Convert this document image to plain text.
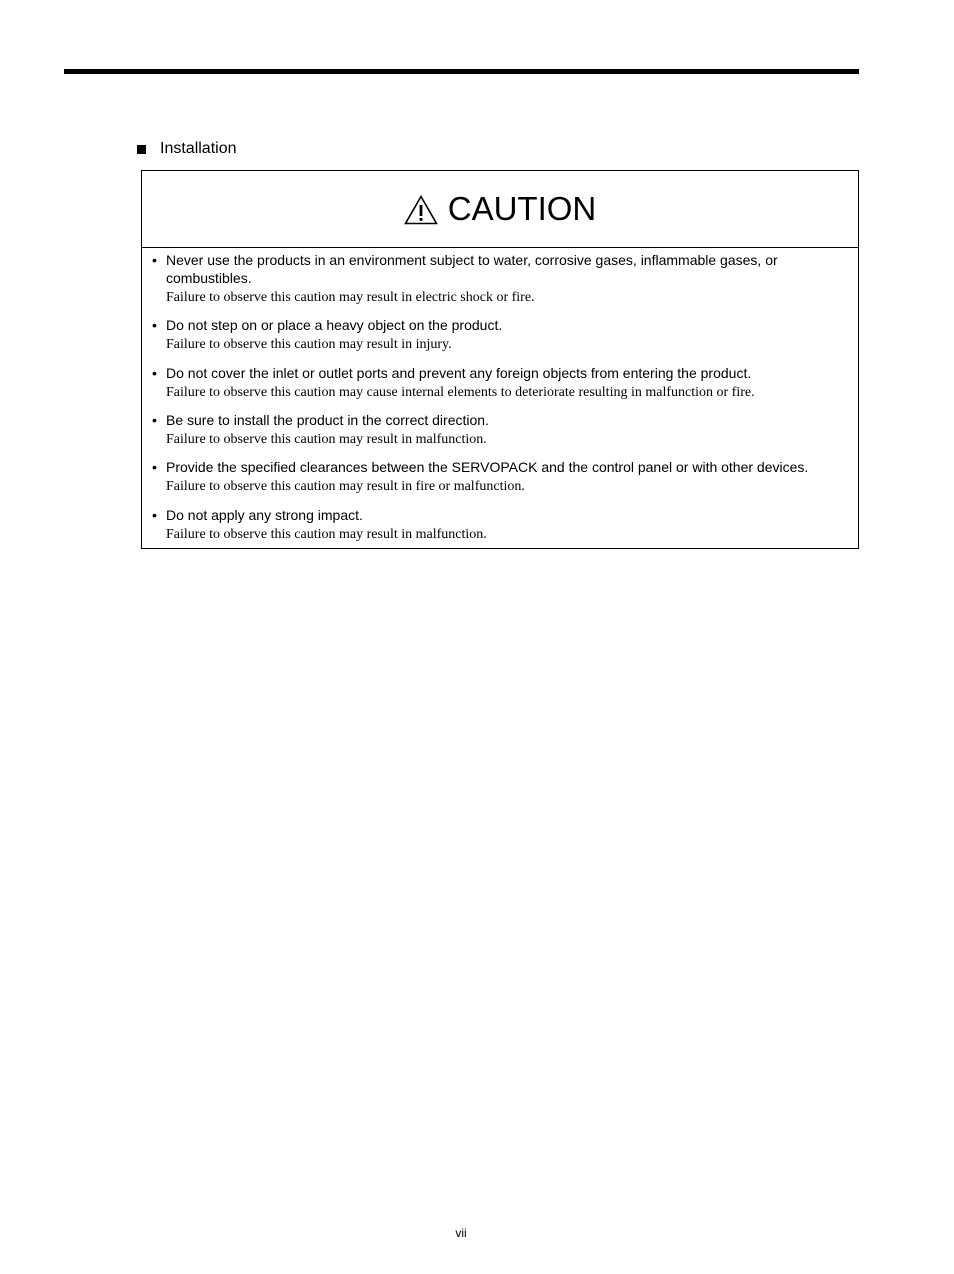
Installation
CAUTION
• Never use the products in an environment subject to water, corrosive gases, inflammable gases, or combustibles.
Failure to observe this caution may result in electric shock or fire.
• Do not step on or place a heavy object on the product.
Failure to observe this caution may result in injury.
• Do not cover the inlet or outlet ports and prevent any foreign objects from entering the product.
Failure to observe this caution may cause internal elements to deteriorate resulting in malfunction or fire.
• Be sure to install the product in the correct direction.
Failure to observe this caution may result in malfunction.
• Provide the specified clearances between the SERVOPACK and the control panel or with other devices.
Failure to observe this caution may result in fire or malfunction.
• Do not apply any strong impact.
Failure to observe this caution may result in malfunction.
vii
